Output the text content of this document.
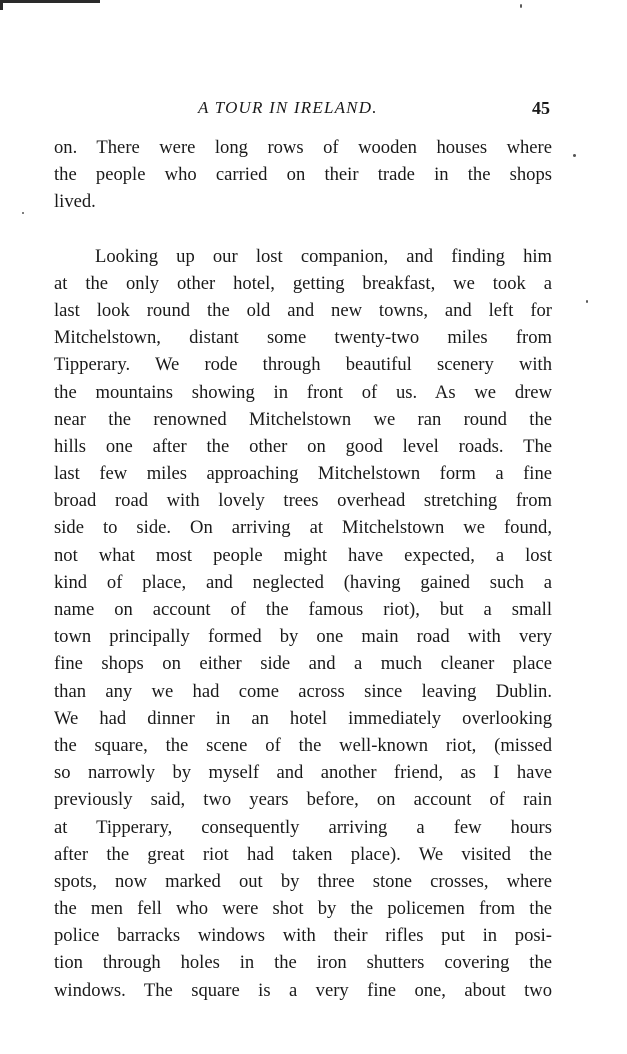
A TOUR IN IRELAND.	45
on. There were long rows of wooden houses where
the people who carried on their trade in the shops
lived.
Looking up our lost companion, and finding him
at the only other hotel, getting breakfast, we took a
last look round the old and new towns, and left for
Mitchelstown, distant some twenty-two miles from
Tipperary. We rode through beautiful scenery with
the mountains showing in front of us. As we drew
near the renowned Mitchelstown we ran round the
hills one after the other on good level roads. The
last few miles approaching Mitchelstown form a fine
broad road with lovely trees overhead stretching from
side to side. On arriving at Mitchelstown we found,
not what most people might have expected, a lost
kind of place, and neglected (having gained such a
name on account of the famous riot), but a small
town principally formed by one main road with very
fine shops on either side and a much cleaner place
than any we had come across since leaving Dublin.
We had dinner in an hotel immediately overlooking
the square, the scene of the well-known riot, (missed
so narrowly by myself and another friend, as I have
previously said, two years before, on account of rain
at Tipperary, consequently arriving a few hours
after the great riot had taken place). We visited the
spots, now marked out by three stone crosses, where
the men fell who were shot by the policemen from the
police barracks windows with their rifles put in posi-
tion through holes in the iron shutters covering the
windows. The square is a very fine one, about two
